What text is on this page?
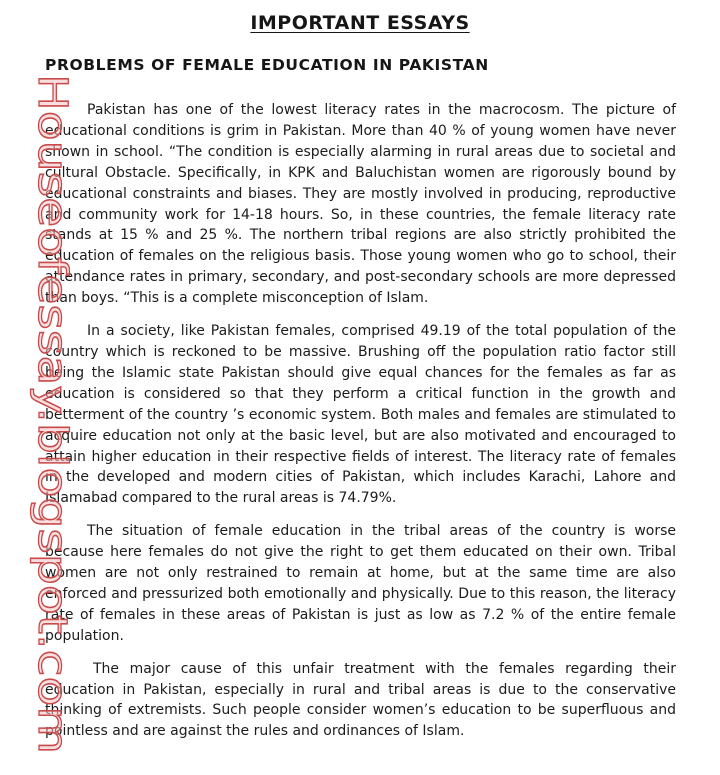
IMPORTANT ESSAYS
PROBLEMS OF FEMALE EDUCATION IN PAKISTAN

Pakistan has one of the lowest literacy rates in the macrocosm. The picture of educational conditions is grim in Pakistan. More than 40 % of young women have never shown in school. “The condition is especially alarming in rural areas due to societal and cultural Obstacle. Specifically, in KPK and Baluchistan women are rigorously bound by educational constraints and biases. They are mostly involved in producing, reproductive and community work for 14-18 hours. So, in these countries, the female literacy rate stands at 15 % and 25 %. The northern tribal regions are also strictly prohibited the education of females on the religious basis. Those young women who go to school, their attendance rates in primary, secondary, and post-secondary schools are more depressed than boys. “This is a complete misconception of Islam.

In a society, like Pakistan females, comprised 49.19 of the total population of the country which is reckoned to be massive. Brushing off the population ratio factor still being the Islamic state Pakistan should give equal chances for the females as far as education is considered so that they perform a critical function in the growth and betterment of the country ’s economic system. Both males and females are stimulated to acquire education not only at the basic level, but are also motivated and encouraged to attain higher education in their respective fields of interest. The literacy rate of females in the developed and modern cities of Pakistan, which includes Karachi, Lahore and Islamabad compared to the rural areas is 74.79%.

The situation of female education in the tribal areas of the country is worse because here females do not give the right to get them educated on their own. Tribal women are not only restrained to remain at home, but at the same time are also enforced and pressurized both emotionally and physically. Due to this reason, the literacy rate of females in these areas of Pakistan is just as low as 7.2 % of the entire female population.

The major cause of this unfair treatment with the females regarding their education in Pakistan, especially in rural and tribal areas is due to the conservative thinking of extremists. Such people consider women’s education to be superfluous and pointless and are against the rules and ordinances of Islam.

Houseofessay.blogspot.com
